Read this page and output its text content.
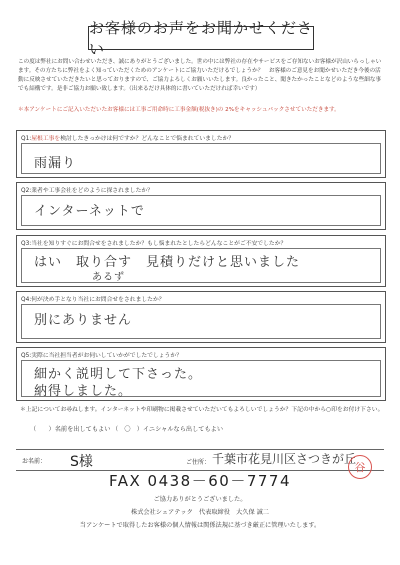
お客様のお声をお聞かせください
この度は弊社にお問い合わせいただき、誠にありがとうございました。世の中には弊社の存在やサービスをご存知ないお客様が沢山いらっしゃいます。その方たちに弊社をよく知っていただくためのアンケートにご協力いただけるでしょうか？　お客様のご意見をお聞かせいただき今後の活動に反映させていただきたいと思っておりますので、ご協力よろしくお願いいたします。良かったこと、聞きたかったことなどのような些細な事でも結構です。是非ご協力お願い致します。（出来るだけ具体的に書いていただければ幸いです）
＊本アンケートにご記入いただいたお客様には工事ご用命時に工事金額(税抜き)の 2%をキャッシュバックさせていただきます。
Q1:屋根工事を検討したきっかけは何ですか？どんなことで悩まれていましたか？
雨漏り
Q2:業者や工事会社をどのように探されましたか？
インターネットで
Q3:当社を知りすぐにお問合せをされましたか？もし悩まれたとしたらどんなことがご不安でしたか？
はい　取り合す　見積りだけと思いました
あるず
Q4:何が決め手となり当社にお問合せをされましたか？
別にありません
Q5:実際に当社担当者がお伺いしていかがでしたでしょうか？
細かく説明して下さった。
納得しました。
＊上記についてお尋ねします。インターネットや印刷物に掲載させていただいてもよろしいでしょうか？下記の中から○印をお付け下さい。
（　　）名前を出してもよい （　〇　）イニシャルなら出してもよい
お名前： S様	ご住所： 千葉市花見川区さつきが丘
谷
FAX 0438－60－7774
ご協力ありがとうございました。
株式会社シェアテック　代表取締役　大久保 誠二
当アンケートで取得したお客様の個人情報は関係法規に基づき厳正に管理いたします。
